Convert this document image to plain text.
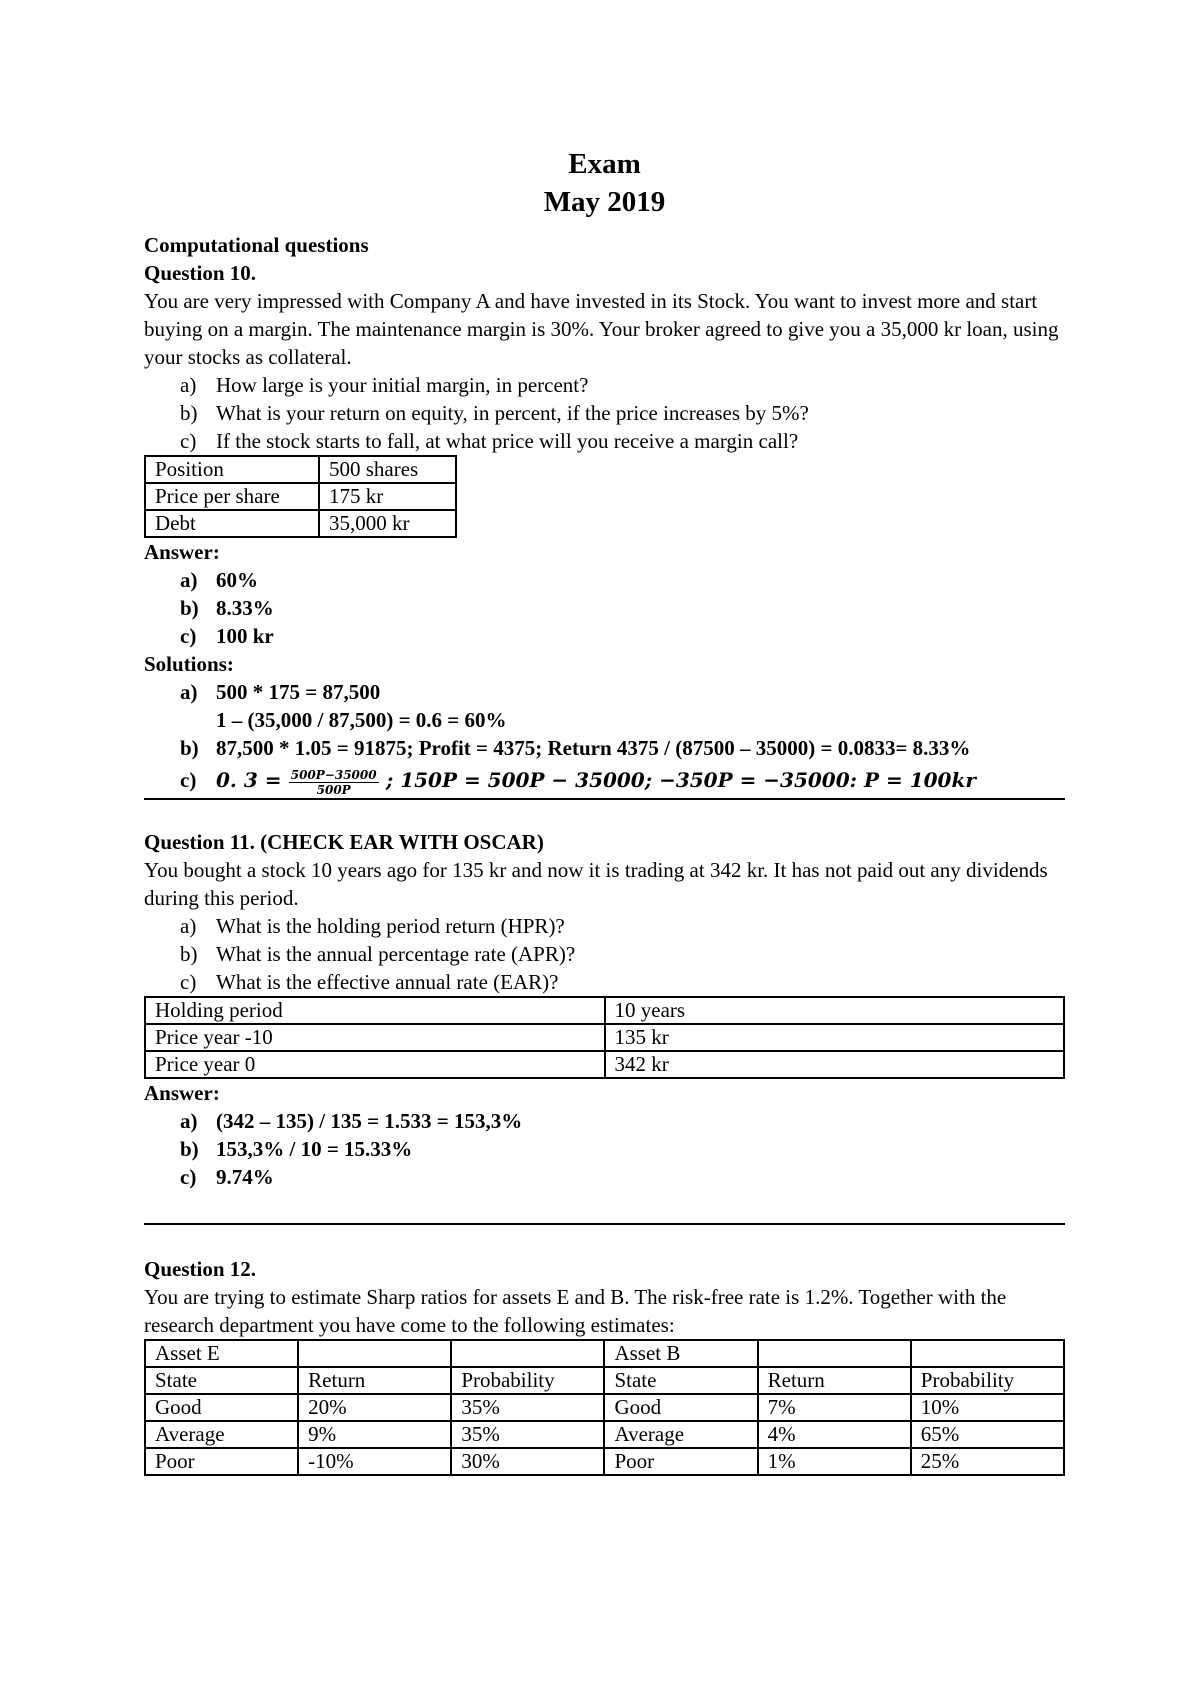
Exam
May 2019

Computational questions

Question 10.

You are very impressed with Company A and have invested in its Stock. You want to invest more and start buying on a margin. The maintenance margin is 30%. Your broker agreed to give you a 35,000 kr loan, using your stocks as collateral.

a) How large is your initial margin, in percent?
b) What is your return on equity, in percent, if the price increases by 5%?
c) If the stock starts to fall, at what price will you receive a margin call?
Position	500 shares
Price per share	175 kr
Debt	35,000 kr

Answer:

a) 60%
b) 8.33%
c) 100 kr

Solutions:

a) 500 * 175 = 87,500
1 – (35,000 / 87,500) = 0.6 = 60%
b) 87,500 * 1.05 = 91875; Profit = 4375; Return 4375 / (87500 – 35000) = 0.0833= 8.33%
c) 0. $3 = \frac{500P-35000}{500P}$ ; 150P = 500P − 35000; −350P = −35000: P = 100kr

Question 11. (CHECK EAR WITH OSCAR)

You bought a stock 10 years ago for 135 kr and now it is trading at 342 kr. It has not paid out any dividends during this period.

a) What is the holding period return (HPR)?
b) What is the annual percentage rate (APR)?
c) What is the effective annual rate (EAR)?
Holding period	10 years
Price year -10	135 kr
Price year 0	342 kr

Answer:

a) (342 – 135) / 135 = 1.533 = 153,3%
b) 153,3% / 10 = 15.33%
c) 9.74%

Question 12.

You are trying to estimate Sharp ratios for assets E and B. The risk-free rate is 1.2%. Together with the research department you have come to the following estimates:

Asset E			Asset B		
State	Return	Probability	State	Return	Probability
Good	20%	35%	Good	7%	10%
Average	9%	35%	Average	4%	65%
Poor	-10%	30%	Poor	1%	25%
